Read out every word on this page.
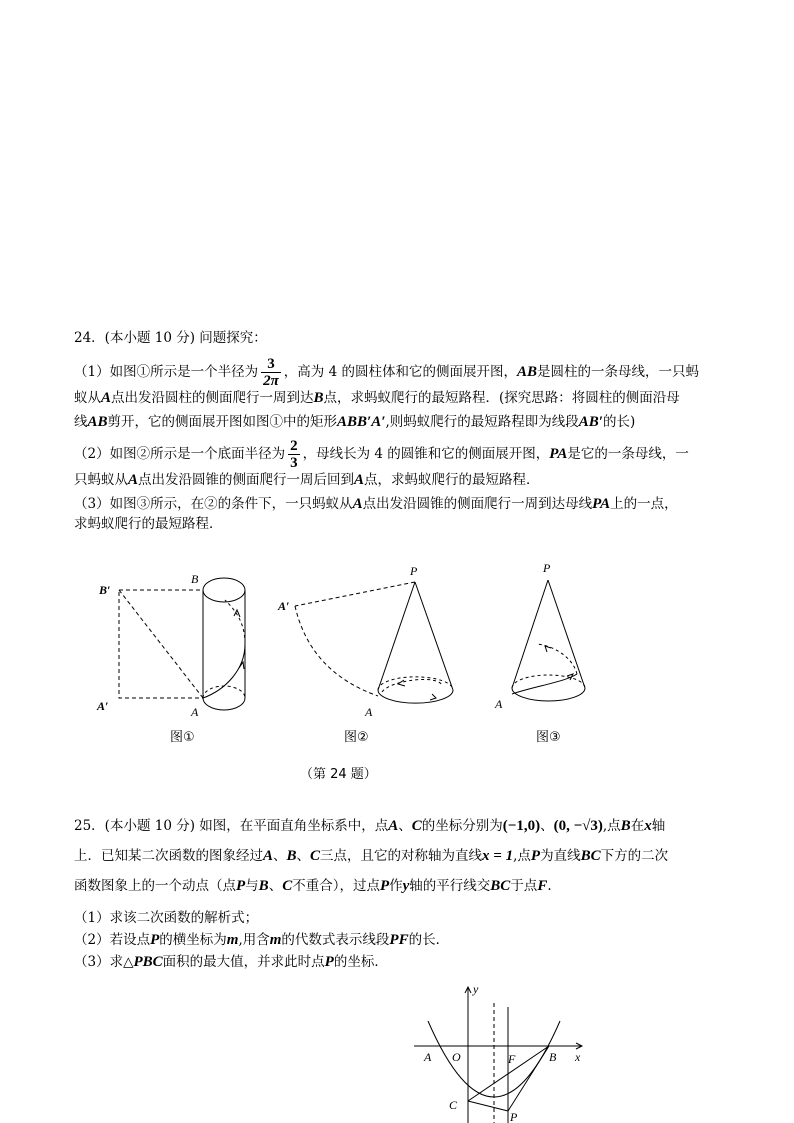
24．(本小题 10 分) 问题探究：
（1）如图①所示是一个半径为 $\frac{3}{2\pi}$ ，高为 4 的圆柱体和它的侧面展开图，AB是圆柱的一条母线，一只蚂
蚁从A点出发沿圆柱的侧面爬行一周到达B点，求蚂蚁爬行的最短路程．(探究思路：将圆柱的侧面沿母
线AB剪开，它的侧面展开图如图①中的矩形ABB′A′,则蚂蚁爬行的最短路程即为线段AB′的长)
（2）如图②所示是一个底面半径为 $\frac{2}{3}$ ，母线长为 4 的圆锥和它的侧面展开图，PA是它的一条母线，一
只蚂蚁从A点出发沿圆锥的侧面爬行一周后回到A点，求蚂蚁爬行的最短路程．
（3）如图③所示，在②的条件下，一只蚂蚁从A点出发沿圆锥的侧面爬行一周到达母线PA上的一点，
求蚂蚁爬行的最短路程．
B′
B
A′	A
图①
P
A′
A
图②
P
A
图③
（第 24 题）
25．(本小题 10 分) 如图，在平面直角坐标系中，点A、C的坐标分别为(−1,0)、(0, −√3),点B在x轴
上．已知某二次函数的图象经过A、B、C三点，且它的对称轴为直线x = 1,点P为直线BC下方的二次
函数图象上的一个动点（点P与B、C不重合），过点P作y轴的平行线交BC于点F.
（1）求该二次函数的解析式；
（2）若设点P的横坐标为m,用含m的代数式表示线段PF的长．
（3）求△PBC面积的最大值，并求此时点P的坐标．
y
x
A O	F	B
C
P
